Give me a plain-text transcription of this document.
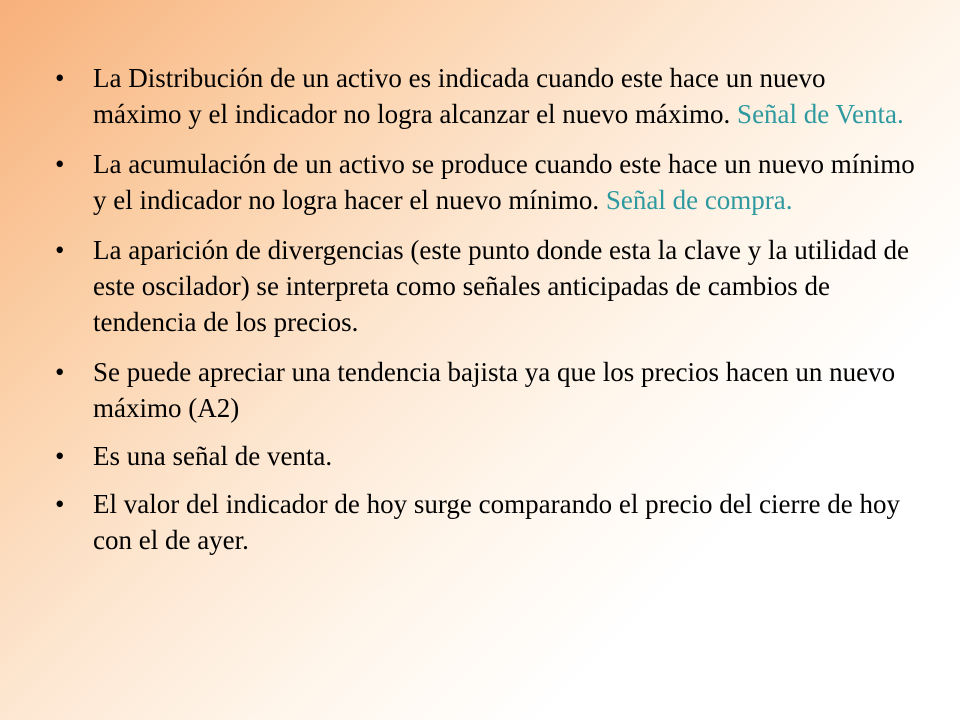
• La Distribución de un activo es indicada cuando este hace un nuevo máximo y el indicador no logra alcanzar el nuevo máximo. Señal de Venta.
• La acumulación de un activo se produce cuando este hace un nuevo mínimo y el indicador no logra hacer el nuevo mínimo. Señal de compra.
• La aparición de divergencias (este punto donde esta la clave y la utilidad de este oscilador) se interpreta como señales anticipadas de cambios de tendencia de los precios.
• Se puede apreciar una tendencia bajista ya que los precios hacen un nuevo máximo (A2)
• Es una señal de venta.
• El valor del indicador de hoy surge comparando el precio del cierre de hoy con el de ayer.
